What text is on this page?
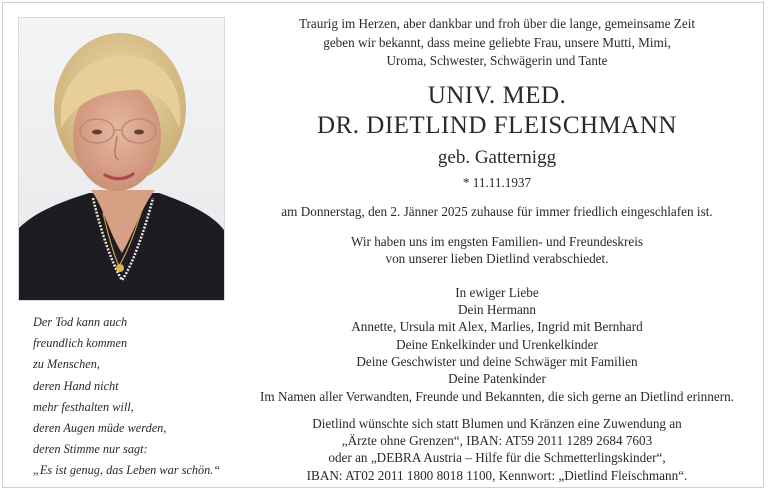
Der Tod kann auch
freundlich kommen
zu Menschen,
deren Hand nicht
mehr festhalten will,
deren Augen müde werden,
deren Stimme nur sagt:
„Es ist genug, das Leben war schön.“
Traurig im Herzen, aber dankbar und froh über die lange, gemeinsame Zeit
geben wir bekannt, dass meine geliebte Frau, unsere Mutti, Mimi,
Uroma, Schwester, Schwägerin und Tante
UNIV. MED.
DR. DIETLIND FLEISCHMANN
geb. Gatternigg
* 11.11.1937
am Donnerstag, den 2. Jänner 2025 zuhause für immer friedlich eingeschlafen ist.
Wir haben uns im engsten Familien- und Freundeskreis
von unserer lieben Dietlind verabschiedet.
In ewiger Liebe
Dein Hermann
Annette, Ursula mit Alex, Marlies, Ingrid mit Bernhard
Deine Enkelkinder und Urenkelkinder
Deine Geschwister und deine Schwäger mit Familien
Deine Patenkinder
Im Namen aller Verwandten, Freunde und Bekannten, die sich gerne an Dietlind erinnern.
Dietlind wünschte sich statt Blumen und Kränzen eine Zuwendung an
„Ärzte ohne Grenzen“, IBAN: AT59 2011 1289 2684 7603
oder an „DEBRA Austria – Hilfe für die Schmetterlingskinder“,
IBAN: AT02 2011 1800 8018 1100, Kennwort: „Dietlind Fleischmann“.
